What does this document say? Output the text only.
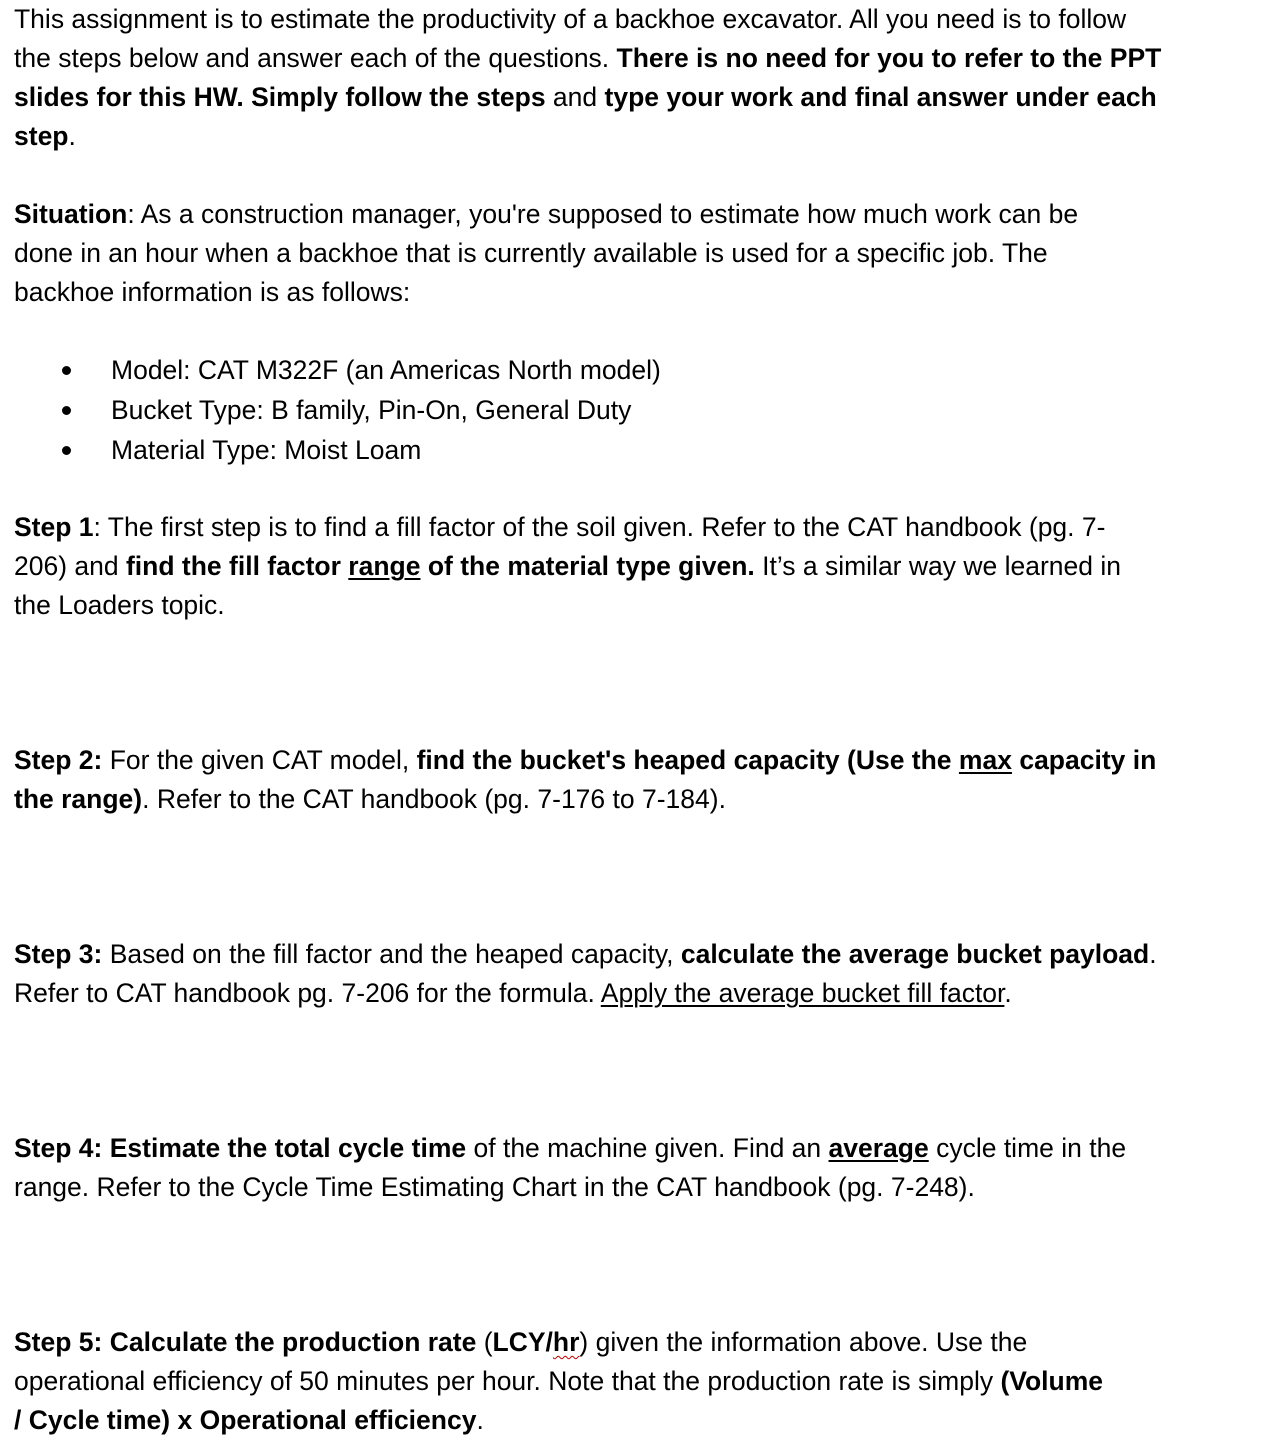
This assignment is to estimate the productivity of a backhoe excavator. All you need is to follow
the steps below and answer each of the questions. There is no need for you to refer to the PPT
slides for this HW. Simply follow the steps and type your work and final answer under each
step.
Situation: As a construction manager, you're supposed to estimate how much work can be
done in an hour when a backhoe that is currently available is used for a specific job. The
backhoe information is as follows:
Model: CAT M322F (an Americas North model)
Bucket Type: B family, Pin-On, General Duty
Material Type: Moist Loam
Step 1: The first step is to find a fill factor of the soil given. Refer to the CAT handbook (pg. 7-
206) and find the fill factor range of the material type given. It’s a similar way we learned in
the Loaders topic.
Step 2: For the given CAT model, find the bucket's heaped capacity (Use the max capacity in
the range). Refer to the CAT handbook (pg. 7-176 to 7-184).
Step 3: Based on the fill factor and the heaped capacity, calculate the average bucket payload.
Refer to CAT handbook pg. 7-206 for the formula. Apply the average bucket fill factor.
Step 4: Estimate the total cycle time of the machine given. Find an average cycle time in the
range. Refer to the Cycle Time Estimating Chart in the CAT handbook (pg. 7-248).
Step 5: Calculate the production rate (LCY/hr) given the information above. Use the
operational efficiency of 50 minutes per hour. Note that the production rate is simply (Volume
/ Cycle time) x Operational efficiency.
